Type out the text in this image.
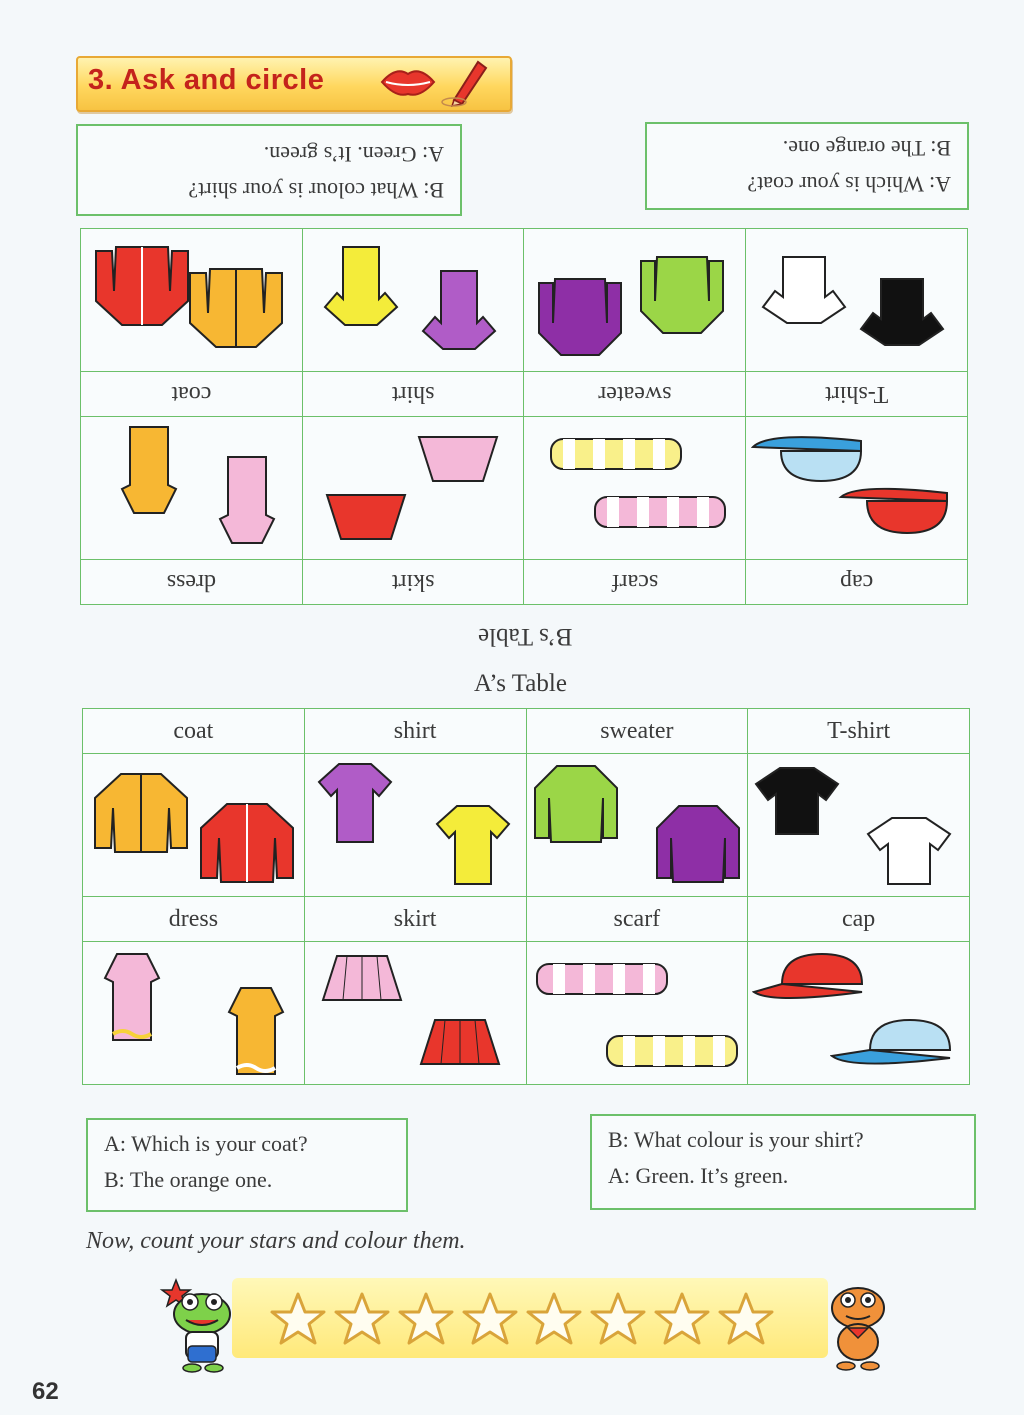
3. Ask and circle
B: What colour is your shirt?
A: Green. It’s green.
A: Which is your coat?
B: The orange one.
cap	scarf	skirt	dress

T-shirt	sweater	shirt	coat

B’s Table
A’s Table
coat	shirt	sweater	T-shirt

dress	skirt	scarf	cap

A: Which is your coat?
B: The orange one.
B: What colour is your shirt?
A: Green. It’s green.
Now, count your stars and colour them.
62
